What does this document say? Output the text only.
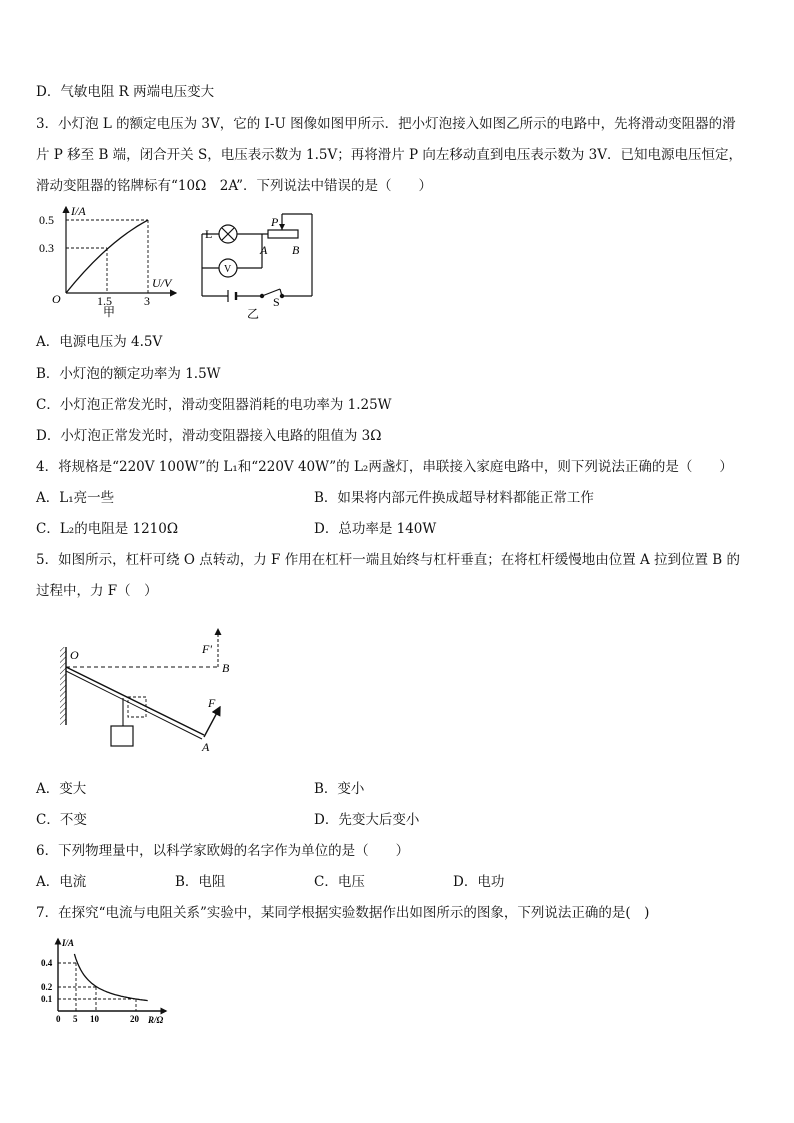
D．气敏电阻 R 两端电压变大
3．小灯泡 L 的额定电压为 3V，它的 I-U 图像如图甲所示．把小灯泡接入如图乙所示的电路中，先将滑动变阻器的滑
片 P 移至 B 端，闭合开关 S，电压表示数为 1.5V；再将滑片 P 向左移动直到电压表示数为 3V．已知电源电压恒定，
滑动变阻器的铭牌标有“10Ω　2A”．下列说法中错误的是（　　）
I/A
U/V
0.5
0.3
O	1.5	3
甲
L
V
P
A B
S
乙
A．电源电压为 4.5V
B．小灯泡的额定功率为 1.5W
C．小灯泡正常发光时，滑动变阻器消耗的电功率为 1.25W
D．小灯泡正常发光时，滑动变阻器接入电路的阻值为 3Ω
4．将规格是“220V 100W”的 L₁和“220V 40W”的 L₂两盏灯，串联接入家庭电路中，则下列说法正确的是（　　）
A．L₁亮一些	B．如果将内部元件换成超导材料都能正常工作
C．L₂的电阻是 1210Ω	D．总功率是 140W
5．如图所示，杠杆可绕 O 点转动，力 F 作用在杠杆一端且始终与杠杆垂直；在将杠杆缓慢地由位置 A 拉到位置 B 的
过程中，力 F（　）
O	F'
B
F
A
A．变大	B．变小
C．不变	D．先变大后变小
6．下列物理量中，以科学家欧姆的名字作为单位的是（　　）
A．电流	B．电阻	C．电压	D．电功
7．在探究“电流与电阻关系”实验中，某同学根据实验数据作出如图所示的图象，下列说法正确的是(　)
I/A
R/Ω
0.4
0.2
0.1
0 5 10	20
